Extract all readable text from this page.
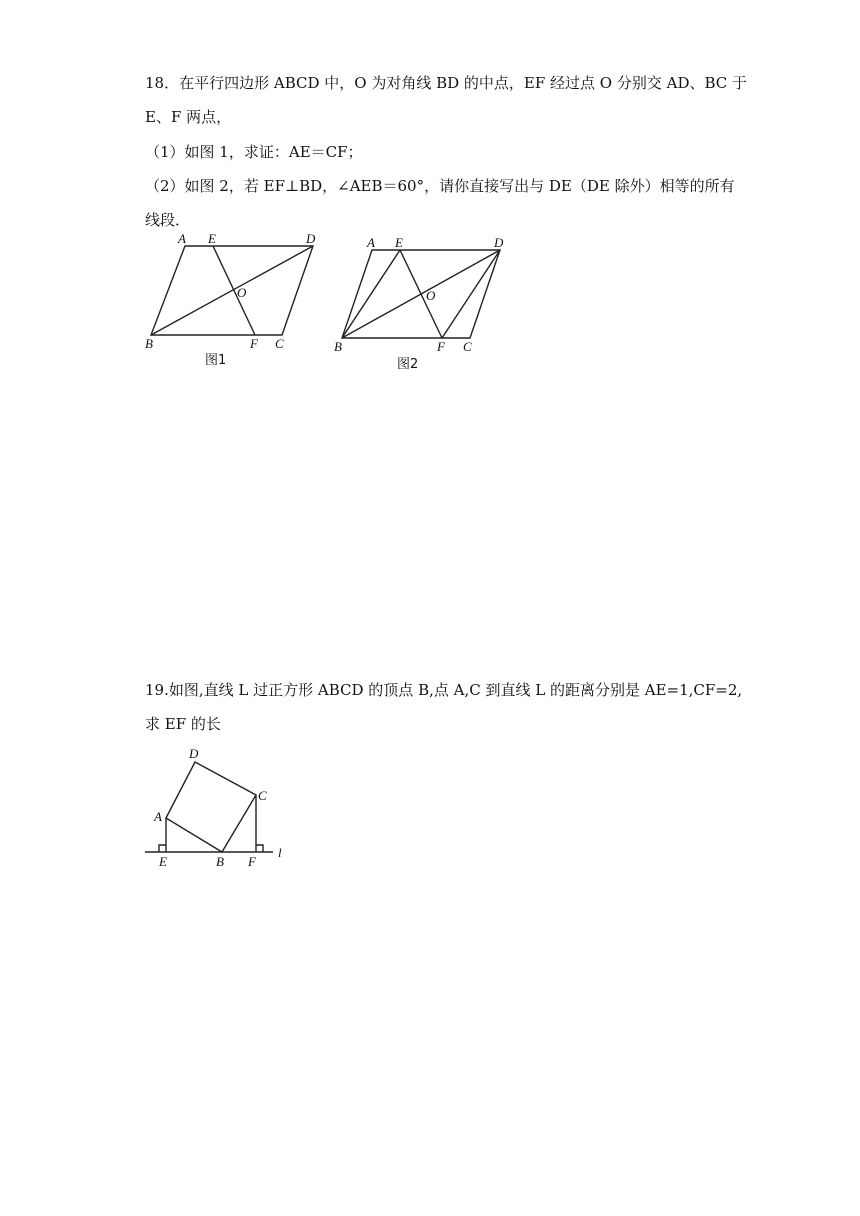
18．在平行四边形 ABCD 中，O 为对角线 BD 的中点，EF 经过点 O 分别交 AD、BC 于
E、F 两点，
（1）如图 1，求证：AE＝CF；
（2）如图 2，若 EF⊥BD，∠AEB＝60°，请你直接写出与 DE（DE 除外）相等的所有
线段．
A E	D
O
B	F C
图1
A E	D
O
B	F C
图2
19.如图,直线 L 过正方形 ABCD 的顶点 B,点 A,C 到直线 L 的距离分别是 AE=1,CF=2,
求 EF 的长
D
C
A
E	B F
l
